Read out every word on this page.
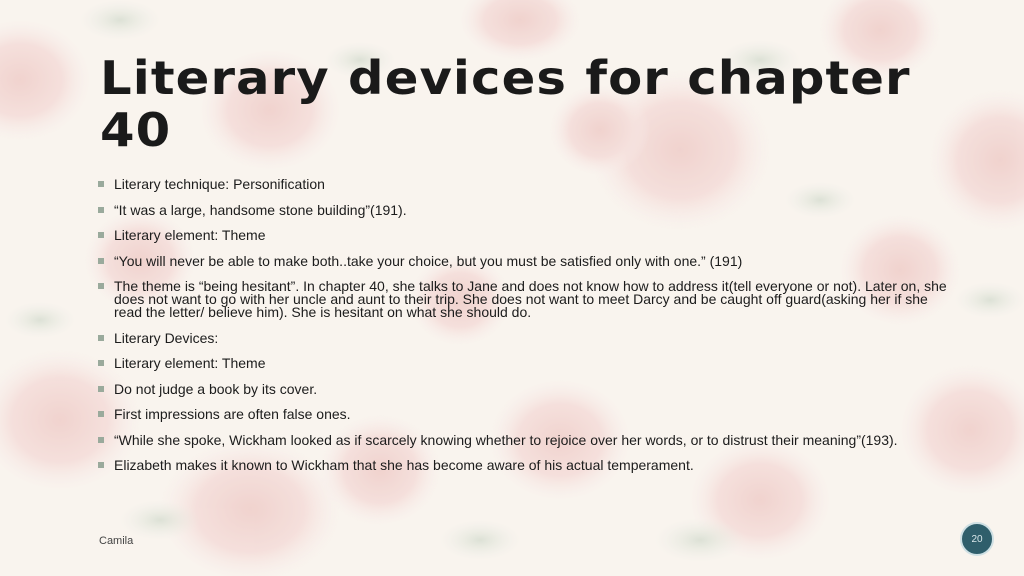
Literary devices for chapter 40
Literary technique: Personification
“It was a large, handsome stone building”(191).
Literary element: Theme
“You will never be able to make both..take your choice, but you must be satisfied only with one.” (191)
The theme is “being hesitant”. In chapter 40, she talks to Jane and does not know how to address it(tell everyone or not). Later on, she does not want to go with her uncle and aunt to their trip. She does not want to meet Darcy and be caught off guard(asking her if she read the letter/ believe him). She is hesitant on what she should do.
Literary Devices:
Literary element: Theme
Do not judge a book by its cover.
First impressions are often false ones.
“While she spoke, Wickham looked as if scarcely knowing whether to rejoice over her words, or to distrust their meaning”(193).
Elizabeth makes it known to Wickham that she has become aware of his actual temperament.
Camila	20
